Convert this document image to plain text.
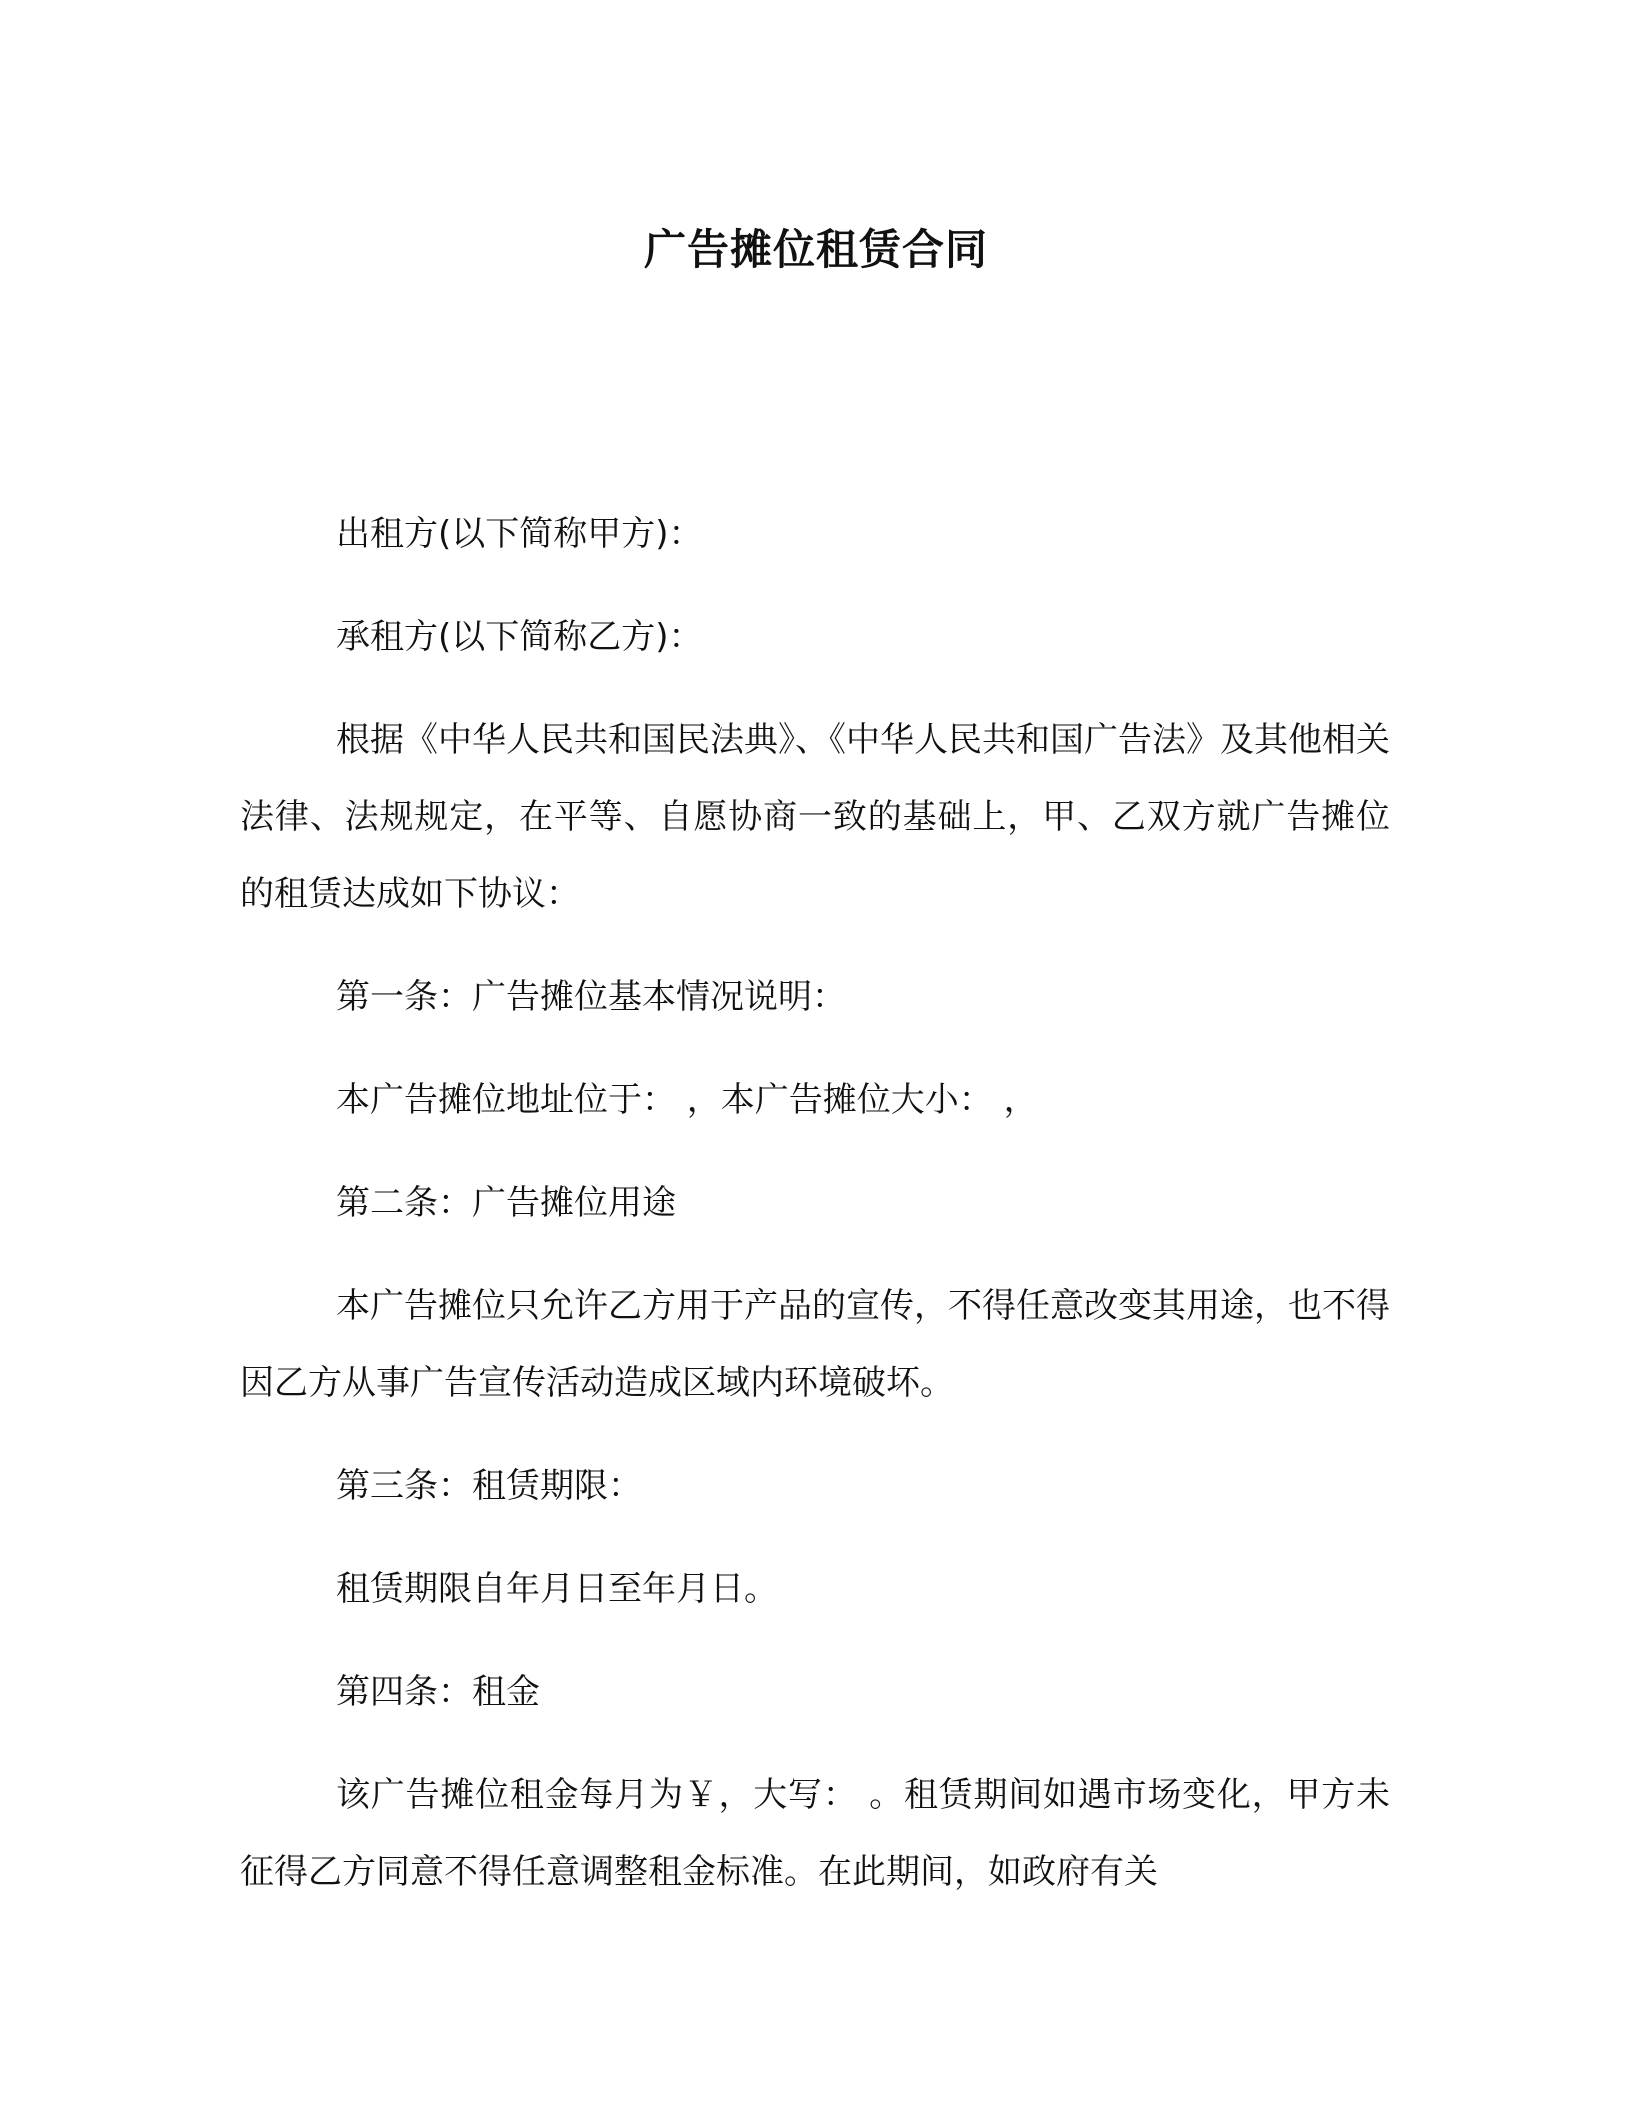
广告摊位租赁合同

出租方(以下简称甲方)：

承租方(以下简称乙方)：

根据《中华人民共和国民法典》、《中华人民共和国广告法》及其他相关法律、法规规定，在平等、自愿协商一致的基础上，甲、乙双方就广告摊位的租赁达成如下协议：

第一条：广告摊位基本情况说明：

本广告摊位地址位于： ，本广告摊位大小： ，

第二条：广告摊位用途

本广告摊位只允许乙方用于产品的宣传，不得任意改变其用途，也不得因乙方从事广告宣传活动造成区域内环境破坏。

第三条：租赁期限：

租赁期限自年月日至年月日。

第四条：租金

该广告摊位租金每月为￥，大写： 。租赁期间如遇市场变化，甲方未征得乙方同意不得任意调整租金标准。在此期间，如政府有关
